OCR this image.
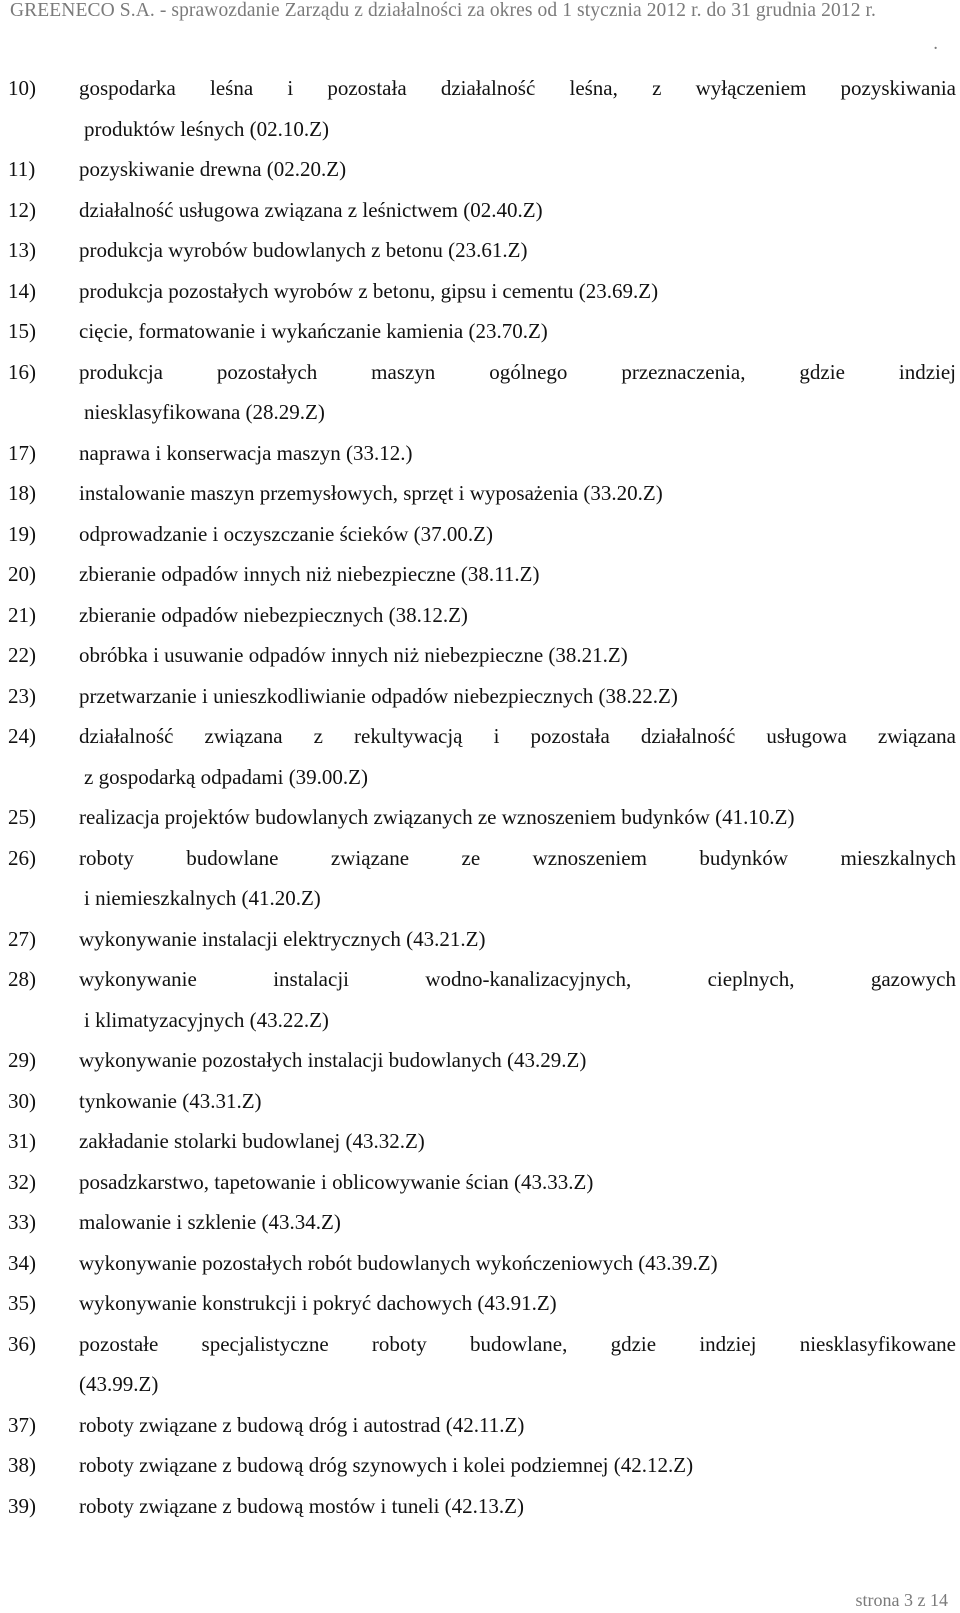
GREENECO S.A. - sprawozdanie Zarządu z działalności za okres od 1 stycznia 2012 r. do 31 grudnia 2012 r.
.
10) gospodarka leśna i pozostała działalność leśna, z wyłączeniem pozyskiwania
produktów leśnych (02.10.Z)
11) pozyskiwanie drewna (02.20.Z)
12) działalność usługowa związana z leśnictwem (02.40.Z)
13) produkcja wyrobów budowlanych z betonu (23.61.Z)
14) produkcja pozostałych wyrobów z betonu, gipsu i cementu (23.69.Z)
15) cięcie, formatowanie i wykańczanie kamienia (23.70.Z)
16) produkcja pozostałych maszyn ogólnego przeznaczenia, gdzie indziej
niesklasyfikowana (28.29.Z)
17) naprawa i konserwacja maszyn (33.12.)
18) instalowanie maszyn przemysłowych, sprzęt i wyposażenia (33.20.Z)
19) odprowadzanie i oczyszczanie ścieków (37.00.Z)
20) zbieranie odpadów innych niż niebezpieczne (38.11.Z)
21) zbieranie odpadów niebezpiecznych (38.12.Z)
22) obróbka i usuwanie odpadów innych niż niebezpieczne (38.21.Z)
23) przetwarzanie i unieszkodliwianie odpadów niebezpiecznych (38.22.Z)
24) działalność związana z rekultywacją i pozostała działalność usługowa związana
z gospodarką odpadami (39.00.Z)
25) realizacja projektów budowlanych związanych ze wznoszeniem budynków (41.10.Z)
26) roboty budowlane związane ze wznoszeniem budynków mieszkalnych
i niemieszkalnych (41.20.Z)
27) wykonywanie instalacji elektrycznych (43.21.Z)
28) wykonywanie instalacji wodno-kanalizacyjnych, cieplnych, gazowych
i klimatyzacyjnych (43.22.Z)
29) wykonywanie pozostałych instalacji budowlanych (43.29.Z)
30) tynkowanie (43.31.Z)
31) zakładanie stolarki budowlanej (43.32.Z)
32) posadzkarstwo, tapetowanie i oblicowywanie ścian (43.33.Z)
33) malowanie i szklenie (43.34.Z)
34) wykonywanie pozostałych robót budowlanych wykończeniowych (43.39.Z)
35) wykonywanie konstrukcji i pokryć dachowych (43.91.Z)
36) pozostałe specjalistyczne roboty budowlane, gdzie indziej niesklasyfikowane
(43.99.Z)
37) roboty związane z budową dróg i autostrad (42.11.Z)
38) roboty związane z budową dróg szynowych i kolei podziemnej (42.12.Z)
39) roboty związane z budową mostów i tuneli (42.13.Z)
strona 3 z 14
